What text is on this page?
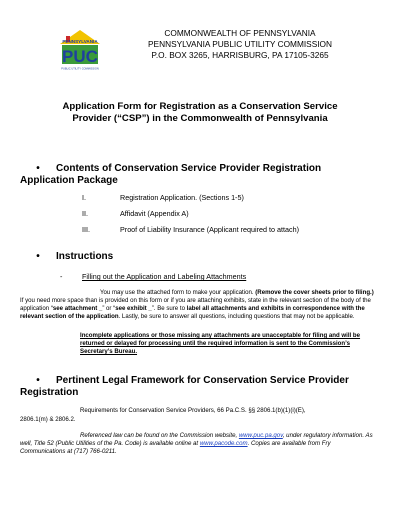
PENNSYLVANIA
PUC
PUBLIC UTILITY COMMISSION
COMMONWEALTH OF PENNSYLVANIA
PENNSYLVANIA PUBLIC UTILITY COMMISSION
P.O. BOX 3265, HARRISBURG, PA 17105-3265
Application Form for Registration as a Conservation Service
Provider (“CSP”) in the Commonwealth of Pennsylvania
• Contents of Conservation Service Provider Registration
Application Package
I.	Registration Application. (Sections 1-5)
II.	Affidavit (Appendix A)
III.	Proof of Liability Insurance (Applicant required to attach)
• Instructions
-	Filling out the Application and Labeling Attachments
You may use the attached form to make your application. (Remove the cover sheets prior to filing.) If you need more space than is provided on this form or if you are attaching exhibits, state in the relevant section of the body of the application “see attachment _” or “see exhibit _”. Be sure to label all attachments and exhibits in correspondence with the relevant section of the application. Lastly, be sure to answer all questions, including questions that may not be applicable.
Incomplete applications or those missing any attachments are unacceptable for filing and will be returned or delayed for processing until the required information is sent to the Commission’s Secretary’s Bureau.
• Pertinent Legal Framework for Conservation Service Provider
Registration
Requirements for Conservation Service Providers, 66 Pa.C.S. §§ 2806.1(b)(1)(i)(E),
2806.1(m) & 2806.2.
Referenced law can be found on the Commission website, www.puc.pa.gov, under regulatory information. As well, Title 52 (Public Utilities of the Pa. Code) is available online at www.pacode.com. Copies are available from Fry Communications at (717) 766-0211.
